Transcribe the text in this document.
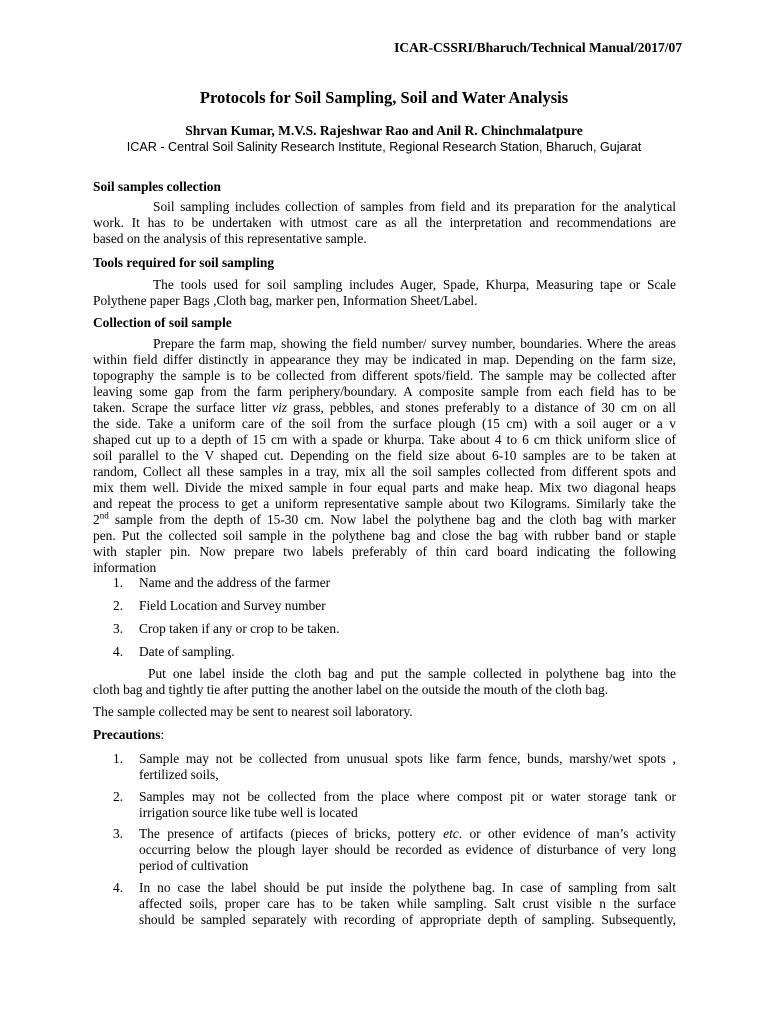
ICAR-CSSRI/Bharuch/Technical Manual/2017/07
Protocols for Soil Sampling, Soil and Water Analysis
Shrvan Kumar, M.V.S. Rajeshwar Rao and Anil R. Chinchmalatpure
ICAR - Central Soil Salinity Research Institute, Regional Research Station, Bharuch, Gujarat
Soil samples collection
Soil sampling includes collection of samples from field and its preparation for the analytical
work. It has to be undertaken with utmost care as all the interpretation and recommendations are
based on the analysis of this representative sample.
Tools required for soil sampling
The tools used for soil sampling includes Auger, Spade, Khurpa, Measuring tape or Scale
Polythene paper Bags ,Cloth bag, marker pen, Information Sheet/Label.
Collection of soil sample
Prepare the farm map, showing the field number/ survey number, boundaries. Where the areas
within field differ distinctly in appearance they may be indicated in map. Depending on the farm size,
topography the sample is to be collected from different spots/field. The sample may be collected after
leaving some gap from the farm periphery/boundary. A composite sample from each field has to be
taken. Scrape the surface litter viz grass, pebbles, and stones preferably to a distance of 30 cm on all
the side. Take a uniform care of the soil from the surface plough (15 cm) with a soil auger or a v
shaped cut up to a depth of 15 cm with a spade or khurpa. Take about 4 to 6 cm thick uniform slice of
soil parallel to the V shaped cut. Depending on the field size about 6-10 samples are to be taken at
random, Collect all these samples in a tray, mix all the soil samples collected from different spots and
mix them well. Divide the mixed sample in four equal parts and make heap. Mix two diagonal heaps
and repeat the process to get a uniform representative sample about two Kilograms. Similarly take the
2nd sample from the depth of 15-30 cm. Now label the polythene bag and the cloth bag with marker
pen. Put the collected soil sample in the polythene bag and close the bag with rubber band or staple
with stapler pin. Now prepare two labels preferably of thin card board indicating the following
information
1.	Name and the address of the farmer
2.	Field Location and Survey number
3.	Crop taken if any or crop to be taken.
4.	Date of sampling.
Put one label inside the cloth bag and put the sample collected in polythene bag into the
cloth bag and tightly tie after putting the another label on the outside the mouth of the cloth bag.
The sample collected may be sent to nearest soil laboratory.
Precautions:
1.	Sample may not be collected from unusual spots like farm fence, bunds, marshy/wet spots ,
fertilized soils,
2.	Samples may not be collected from the place where compost pit or water storage tank or
irrigation source like tube well is located
3.	The presence of artifacts (pieces of bricks, pottery etc. or other evidence of man’s activity
occurring below the plough layer should be recorded as evidence of disturbance of very long
period of cultivation
4.	In no case the label should be put inside the polythene bag. In case of sampling from salt
affected soils, proper care has to be taken while sampling. Salt crust visible n the surface
should be sampled separately with recording of appropriate depth of sampling. Subsequently,
